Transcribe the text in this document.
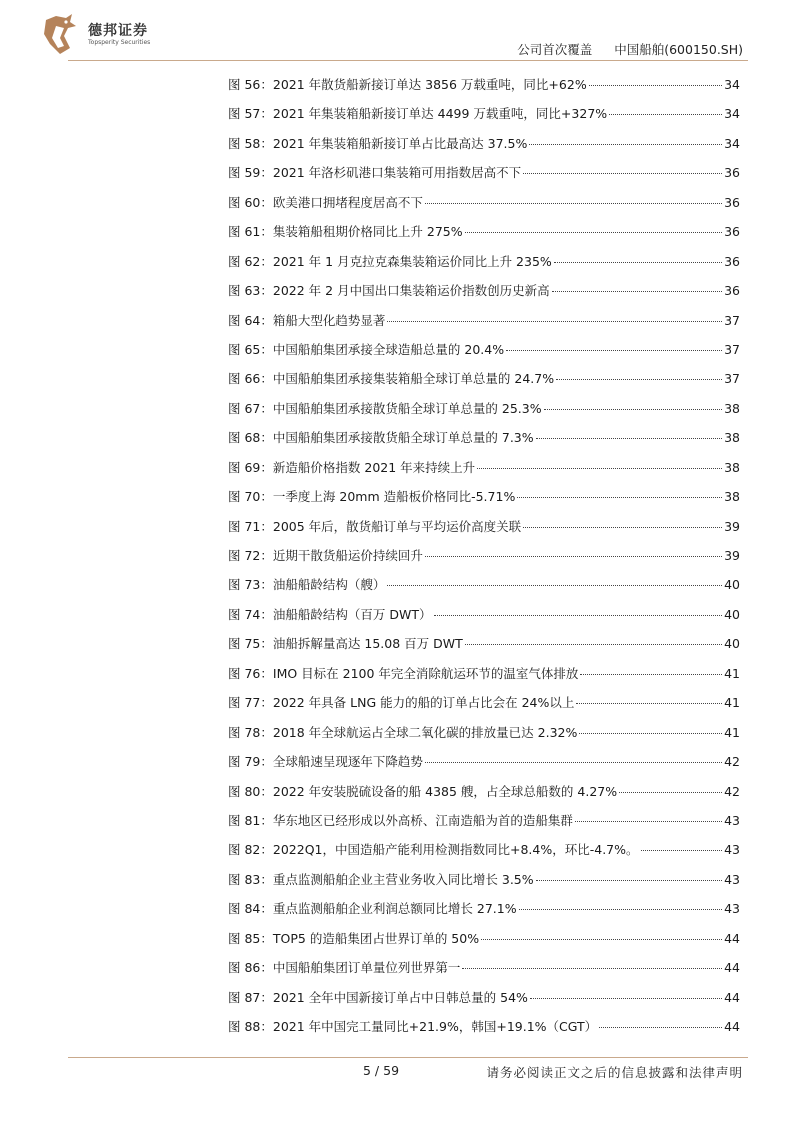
德邦证券
Topsperity Securities	公司首次覆盖 中国船舶(600150.SH)
图 56： 2021 年散货船新接订单达 3856 万载重吨，同比+62%	34
图 57： 2021 年集装箱船新接订单达 4499 万载重吨，同比+327%	34
图 58： 2021 年集装箱船新接订单占比最高达 37.5%	34
图 59： 2021 年洛杉矶港口集装箱可用指数居高不下	36
图 60： 欧美港口拥堵程度居高不下	36
图 61： 集装箱船租期价格同比上升 275%	36
图 62： 2021 年 1 月克拉克森集装箱运价同比上升 235%	36
图 63： 2022 年 2 月中国出口集装箱运价指数创历史新高	36
图 64： 箱船大型化趋势显著	37
图 65： 中国船舶集团承接全球造船总量的 20.4%	37
图 66： 中国船舶集团承接集装箱船全球订单总量的 24.7%	37
图 67： 中国船舶集团承接散货船全球订单总量的 25.3%	38
图 68： 中国船舶集团承接散货船全球订单总量的 7.3%	38
图 69： 新造船价格指数 2021 年来持续上升	38
图 70： 一季度上海 20mm 造船板价格同比-5.71%	38
图 71： 2005 年后，散货船订单与平均运价高度关联	39
图 72： 近期干散货船运价持续回升	39
图 73： 油船船龄结构（艘）	40
图 74： 油船船龄结构（百万 DWT）	40
图 75： 油船拆解量高达 15.08 百万 DWT	40
图 76： IMO 目标在 2100 年完全消除航运环节的温室气体排放	41
图 77： 2022 年具备 LNG 能力的船的订单占比会在 24%以上	41
图 78： 2018 年全球航运占全球二氧化碳的排放量已达 2.32%	41
图 79： 全球船速呈现逐年下降趋势	42
图 80： 2022 年安装脱硫设备的船 4385 艘，占全球总船数的 4.27%	42
图 81： 华东地区已经形成以外高桥、江南造船为首的造船集群	43
图 82： 2022Q1，中国造船产能利用检测指数同比+8.4%，环比-4.7%。	43
图 83： 重点监测船舶企业主营业务收入同比增长 3.5%	43
图 84： 重点监测船舶企业利润总额同比增长 27.1%	43
图 85： TOP5 的造船集团占世界订单的 50%	44
图 86： 中国船舶集团订单量位列世界第一	44
图 87： 2021 全年中国新接订单占中日韩总量的 54%	44
图 88： 2021 年中国完工量同比+21.9%，韩国+19.1%（CGT）	44
5 / 59	请务必阅读正文之后的信息披露和法律声明
